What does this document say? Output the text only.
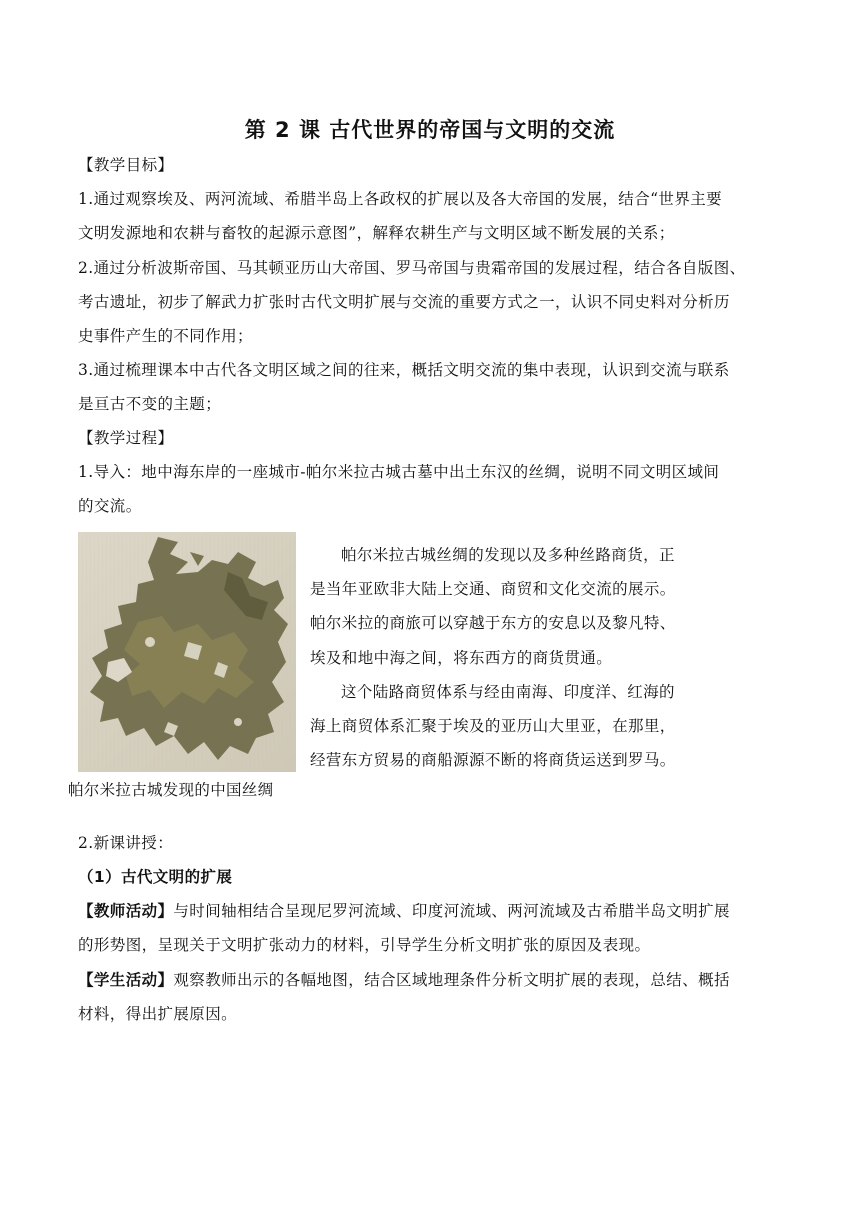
第 2 课 古代世界的帝国与文明的交流
【教学目标】
1.通过观察埃及、两河流域、希腊半岛上各政权的扩展以及各大帝国的发展，结合“世界主要
文明发源地和农耕与畜牧的起源示意图”，解释农耕生产与文明区域不断发展的关系；
2.通过分析波斯帝国、马其顿亚历山大帝国、罗马帝国与贵霜帝国的发展过程，结合各自版图、
考古遗址，初步了解武力扩张时古代文明扩展与交流的重要方式之一，认识不同史料对分析历
史事件产生的不同作用；
3.通过梳理课本中古代各文明区域之间的往来，概括文明交流的集中表现，认识到交流与联系
是亘古不变的主题；
【教学过程】
1.导入：地中海东岸的一座城市-帕尔米拉古城古墓中出土东汉的丝绸，说明不同文明区域间
的交流。
帕尔米拉古城发现的中国丝绸
帕尔米拉古城丝绸的发现以及多种丝路商货，正
是当年亚欧非大陆上交通、商贸和文化交流的展示。
帕尔米拉的商旅可以穿越于东方的安息以及黎凡特、
埃及和地中海之间，将东西方的商货贯通。
这个陆路商贸体系与经由南海、印度洋、红海的
海上商贸体系汇聚于埃及的亚历山大里亚，在那里，
经营东方贸易的商船源源不断的将商货运送到罗马。
2.新课讲授：
（1）古代文明的扩展
【教师活动】与时间轴相结合呈现尼罗河流域、印度河流域、两河流域及古希腊半岛文明扩展
的形势图，呈现关于文明扩张动力的材料，引导学生分析文明扩张的原因及表现。
【学生活动】观察教师出示的各幅地图，结合区域地理条件分析文明扩展的表现，总结、概括
材料，得出扩展原因。
